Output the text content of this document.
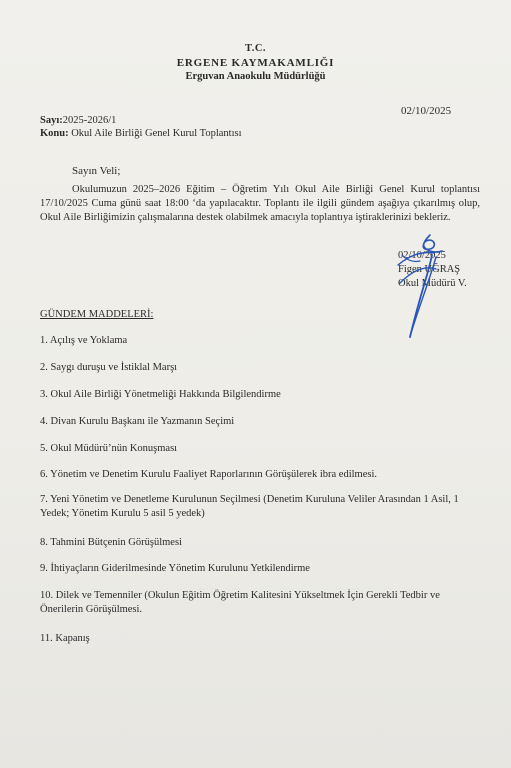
T.C.
ERGENE KAYMAKAMLIĞI
Erguvan Anaokulu Müdürlüğü
02/10/2025
Sayı:2025-2026/1
Konu: Okul Aile Birliği Genel Kurul Toplantısı
Sayın Veli;
Okulumuzun 2025–2026 Eğitim – Öğretim Yılı Okul Aile Birliği Genel Kurul toplantısı 17/10/2025 Cuma günü saat 18:00 ‘da yapılacaktır. Toplantı ile ilgili gündem aşağıya çıkarılmış olup, Okul Aile Birliğimizin çalışmalarına destek olabilmek amacıyla toplantıya iştiraklerinizi bekleriz.
02/10/2025
Figen UĞRAŞ
Okul Müdürü V.
GÜNDEM MADDELERİ:
1. Açılış ve Yoklama
2. Saygı duruşu ve İstiklal Marşı
3. Okul Aile Birliği Yönetmeliği Hakkında Bilgilendirme
4. Divan Kurulu Başkanı ile Yazmanın Seçimi
5. Okul Müdürü’nün Konuşması
6. Yönetim ve Denetim Kurulu Faaliyet Raporlarının Görüşülerek ibra edilmesi.
7. Yeni Yönetim ve Denetleme Kurulunun Seçilmesi (Denetim Kuruluna Veliler Arasından 1 Asil, 1 Yedek; Yönetim Kurulu 5 asil 5 yedek)
8. Tahmini Bütçenin Görüşülmesi
9. İhtiyaçların Giderilmesinde Yönetim Kurulunu Yetkilendirme
10. Dilek ve Temenniler (Okulun Eğitim Öğretim Kalitesini Yükseltmek İçin Gerekli Tedbir ve Önerilerin Görüşülmesi.
11. Kapanış
